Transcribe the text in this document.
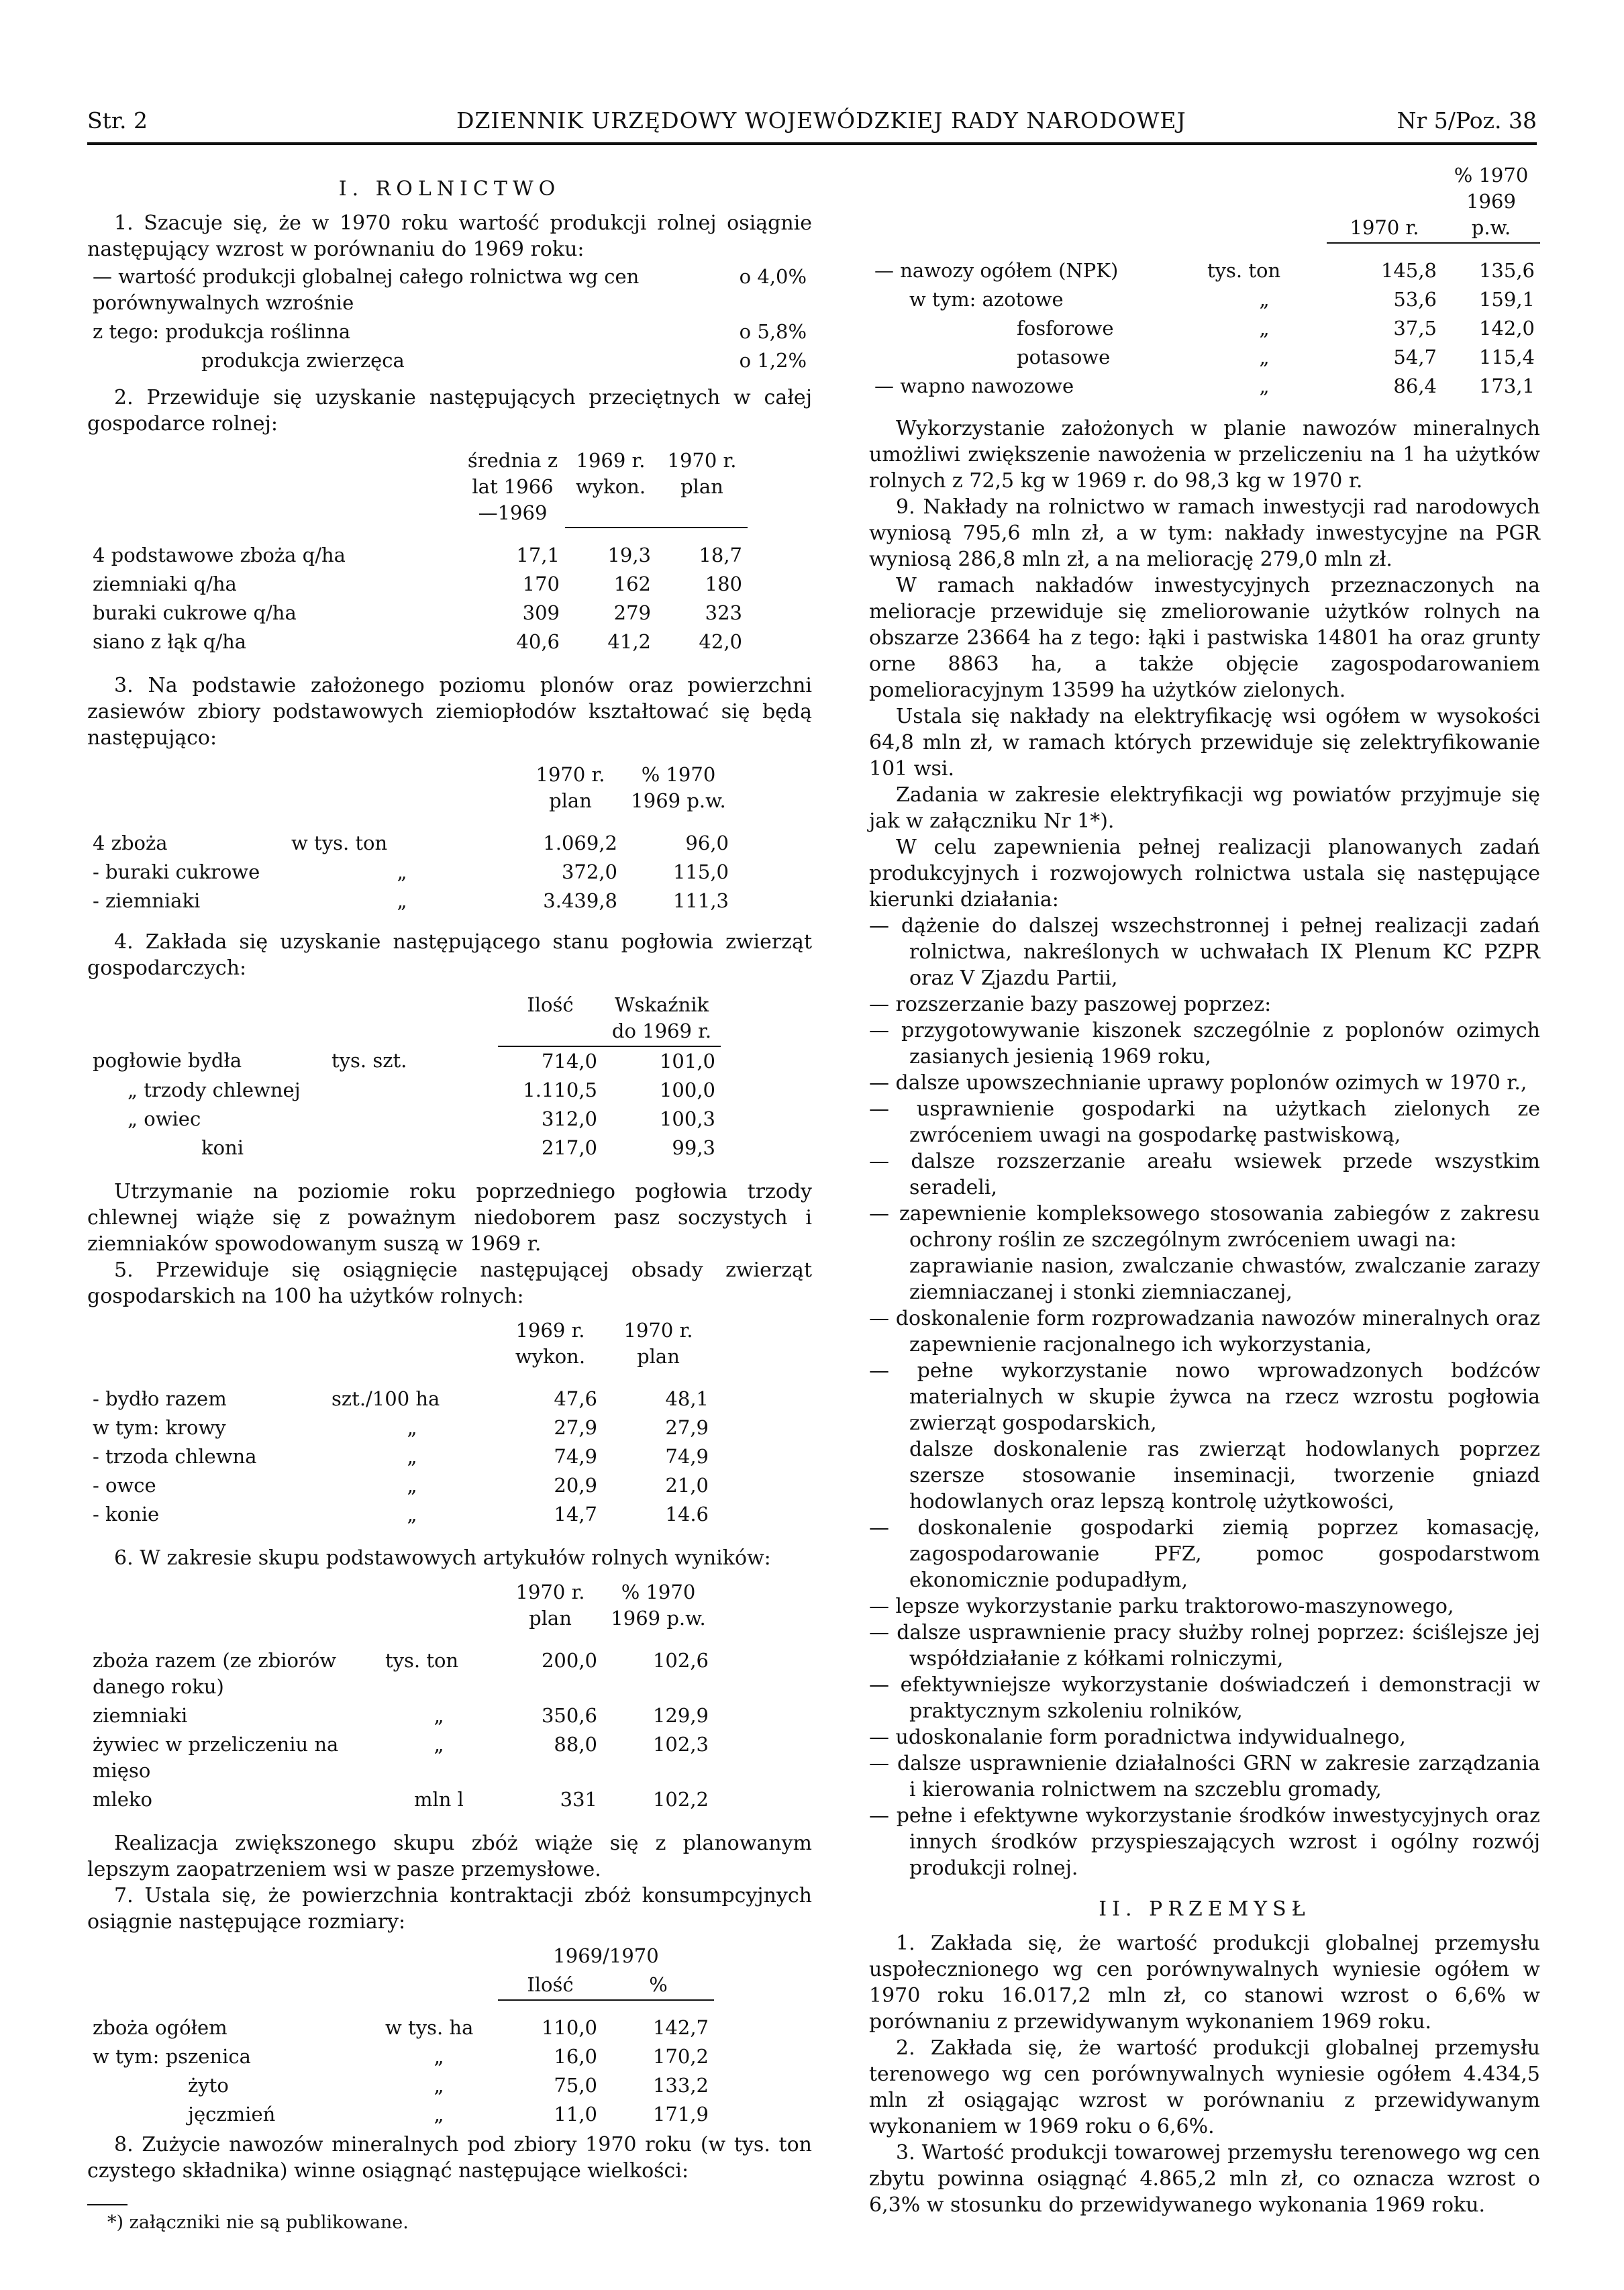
Str. 2	DZIENNIK URZĘDOWY WOJEWÓDZKIEJ RADY NARODOWEJ	Nr 5/Poz. 38
I. ROLNICTWO

1. Szacuje się, że w 1970 roku wartość produkcji rolnej osiągnie następujący wzrost w porównaniu do 1969 roku:

— wartość produkcji globalnej całego rolnictwa wg cen porównywalnych wzrośnie	o 4,0%
z tego: produkcja roślinna	o 5,8%
produkcja zwierzęca	o 1,2%

2. Przewiduje się uzyskanie następujących przeciętnych w całej gospodarce rolnej:

	średnia z lat 1966—1969	1969 r. wykon.	1970 r. plan

4 podstawowe zboża q/ha	17,1	19,3	18,7
ziemniaki q/ha	170	162	180
buraki cukrowe q/ha	309	279	323
siano z łąk q/ha	40,6	41,2	42,0

3. Na podstawie założonego poziomu plonów oraz powierzchni zasiewów zbiory podstawowych ziemiopłodów kształtować się będą następująco:

		1970 r. plan	% 1970 1969 p.w.

4 zboża	w tys. ton	1.069,2	96,0
- buraki cukrowe	„	372,0	115,0
- ziemniaki	„	3.439,8	111,3

4. Zakłada się uzyskanie następującego stanu pogłowia zwierząt gospodarczych:

		Ilość	Wskaźnik do 1969 r.
pogłowie bydła	tys. szt.	714,0	101,0
„ trzody chlewnej		1.110,5	100,0
„ owiec		312,0	100,3
koni		217,0	99,3

Utrzymanie na poziomie roku poprzedniego pogłowia trzody chlewnej wiąże się z poważnym niedoborem pasz soczystych i ziemniaków spowodowanym suszą w 1969 r.

5. Przewiduje się osiągnięcie następującej obsady zwierząt gospodarskich na 100 ha użytków rolnych:

		1969 r. wykon.	1970 r. plan

- bydło razem	szt./100 ha	47,6	48,1
w tym: krowy	„	27,9	27,9
- trzoda chlewna	„	74,9	74,9
- owce	„	20,9	21,0
- konie	„	14,7	14.6

6. W zakresie skupu podstawowych artykułów rolnych wyników:

		1970 r. plan	% 1970 1969 p.w.

zboża razem (ze zbiorów danego roku)	tys. ton	200,0	102,6
ziemniaki	„	350,6	129,9
żywiec w przeliczeniu na mięso	„	88,0	102,3
mleko	mln l	331	102,2

Realizacja zwiększonego skupu zbóż wiąże się z planowanym lepszym zaopatrzeniem wsi w pasze przemysłowe.

7. Ustala się, że powierzchnia kontraktacji zbóż konsumpcyjnych osiągnie następujące rozmiary:

		1969/1970	
		Ilość	%

zboża ogółem	w tys. ha	110,0	142,7
w tym: pszenica	„	16,0	170,2
żyto	„	75,0	133,2
jęczmień	„	11,0	171,9

8. Zużycie nawozów mineralnych pod zbiory 1970 roku (w tys. ton czystego składnika) winne osiągnąć następujące wielkości:

*) załączniki nie są publikowane.

		1970 r.	% 1970 1969 p.w.

— nawozy ogółem (NPK)	tys. ton	145,8	135,6
w tym: azotowe	„	53,6	159,1
fosforowe	„	37,5	142,0
potasowe	„	54,7	115,4
— wapno nawozowe	„	86,4	173,1

Wykorzystanie założonych w planie nawozów mineralnych umożliwi zwiększenie nawożenia w przeliczeniu na 1 ha użytków rolnych z 72,5 kg w 1969 r. do 98,3 kg w 1970 r.

9. Nakłady na rolnictwo w ramach inwestycji rad narodowych wyniosą 795,6 mln zł, a w tym: nakłady inwestycyjne na PGR wyniosą 286,8 mln zł, a na meliorację 279,0 mln zł.

W ramach nakładów inwestycyjnych przeznaczonych na melioracje przewiduje się zmeliorowanie użytków rolnych na obszarze 23664 ha z tego: łąki i pastwiska 14801 ha oraz grunty orne 8863 ha, a także objęcie zagospodarowaniem pomelioracyjnym 13599 ha użytków zielonych.

Ustala się nakłady na elektryfikację wsi ogółem w wysokości 64,8 mln zł, w ramach których przewiduje się zelektryfikowanie 101 wsi.

Zadania w zakresie elektryfikacji wg powiatów przyjmuje się jak w załączniku Nr 1*).

W celu zapewnienia pełnej realizacji planowanych zadań produkcyjnych i rozwojowych rolnictwa ustala się następujące kierunki działania:

— dążenie do dalszej wszechstronnej i pełnej realizacji zadań rolnictwa, nakreślonych w uchwałach IX Plenum KC PZPR oraz V Zjazdu Partii,

— rozszerzanie bazy paszowej poprzez:

— przygotowywanie kiszonek szczególnie z poplonów ozimych zasianych jesienią 1969 roku,

— dalsze upowszechnianie uprawy poplonów ozimych w 1970 r.,

— usprawnienie gospodarki na użytkach zielonych ze zwróceniem uwagi na gospodarkę pastwiskową,

— dalsze rozszerzanie areału wsiewek przede wszystkim seradeli,

— zapewnienie kompleksowego stosowania zabiegów z zakresu ochrony roślin ze szczególnym zwróceniem uwagi na:

zaprawianie nasion, zwalczanie chwastów, zwalczanie zarazy ziemniaczanej i stonki ziemniaczanej,

— doskonalenie form rozprowadzania nawozów mineralnych oraz zapewnienie racjonalnego ich wykorzystania,

— pełne wykorzystanie nowo wprowadzonych bodźców materialnych w skupie żywca na rzecz wzrostu pogłowia zwierząt gospodarskich,

dalsze doskonalenie ras zwierząt hodowlanych poprzez szersze stosowanie inseminacji, tworzenie gniazd hodowlanych oraz lepszą kontrolę użytkowości,

— doskonalenie gospodarki ziemią poprzez komasację, zagospodarowanie PFZ, pomoc gospodarstwom ekonomicznie podupadłym,

— lepsze wykorzystanie parku traktorowo-maszynowego,

— dalsze usprawnienie pracy służby rolnej poprzez: ściślejsze jej współdziałanie z kółkami rolniczymi,

— efektywniejsze wykorzystanie doświadczeń i demonstracji w praktycznym szkoleniu rolników,

— udoskonalanie form poradnictwa indywidualnego,

— dalsze usprawnienie działalności GRN w zakresie zarządzania i kierowania rolnictwem na szczeblu gromady,

— pełne i efektywne wykorzystanie środków inwestycyjnych oraz innych środków przyspieszających wzrost i ogólny rozwój produkcji rolnej.

II. PRZEMYSŁ

1. Zakłada się, że wartość produkcji globalnej przemysłu uspołecznionego wg cen porównywalnych wyniesie ogółem w 1970 roku 16.017,2 mln zł, co stanowi wzrost o 6,6% w porównaniu z przewidywanym wykonaniem 1969 roku.

2. Zakłada się, że wartość produkcji globalnej przemysłu terenowego wg cen porównywalnych wyniesie ogółem 4.434,5 mln zł osiągając wzrost w porównaniu z przewidywanym wykonaniem w 1969 roku o 6,6%.

3. Wartość produkcji towarowej przemysłu terenowego wg cen zbytu powinna osiągnąć 4.865,2 mln zł, co oznacza wzrost o 6,3% w stosunku do przewidywanego wykonania 1969 roku.
